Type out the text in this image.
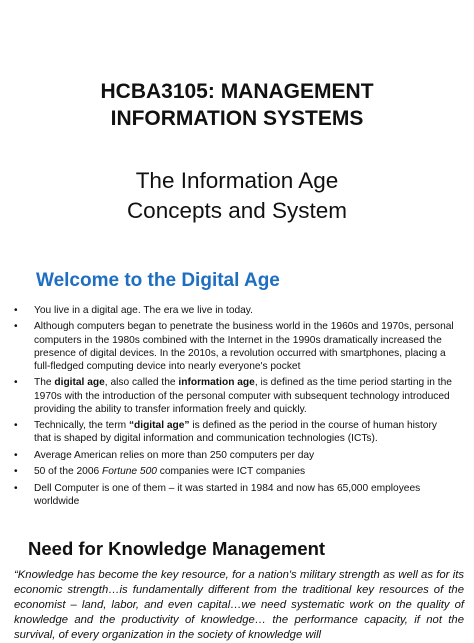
HCBA3105: MANAGEMENT
INFORMATION SYSTEMS
The Information Age
Concepts and System
Welcome to the Digital Age
• You live in a digital age. The era we live in today.
• Although computers began to penetrate the business world in the 1960s and 1970s, personal computers in the 1980s combined with the Internet in the 1990s dramatically increased the presence of digital devices. In the 2010s, a revolution occurred with smartphones, placing a full-fledged computing device into nearly everyone's pocket
• The digital age, also called the information age, is defined as the time period starting in the 1970s with the introduction of the personal computer with subsequent technology introduced providing the ability to transfer information freely and quickly.
• Technically, the term “digital age” is defined as the period in the course of human history that is shaped by digital information and communication technologies (ICTs).
• Average American relies on more than 250 computers per day
• 50 of the 2006 Fortune 500 companies were ICT companies
• Dell Computer is one of them – it was started in 1984 and now has 65,000 employees worldwide
Need for Knowledge Management
“Knowledge has become the key resource, for a nation's military strength as well as for its economic strength…is fundamentally different from the traditional key resources of the economist – land, labor, and even capital…we need systematic work on the quality of knowledge and the productivity of knowledge… the performance capacity, if not the survival, of every organization in the society of knowledge will
